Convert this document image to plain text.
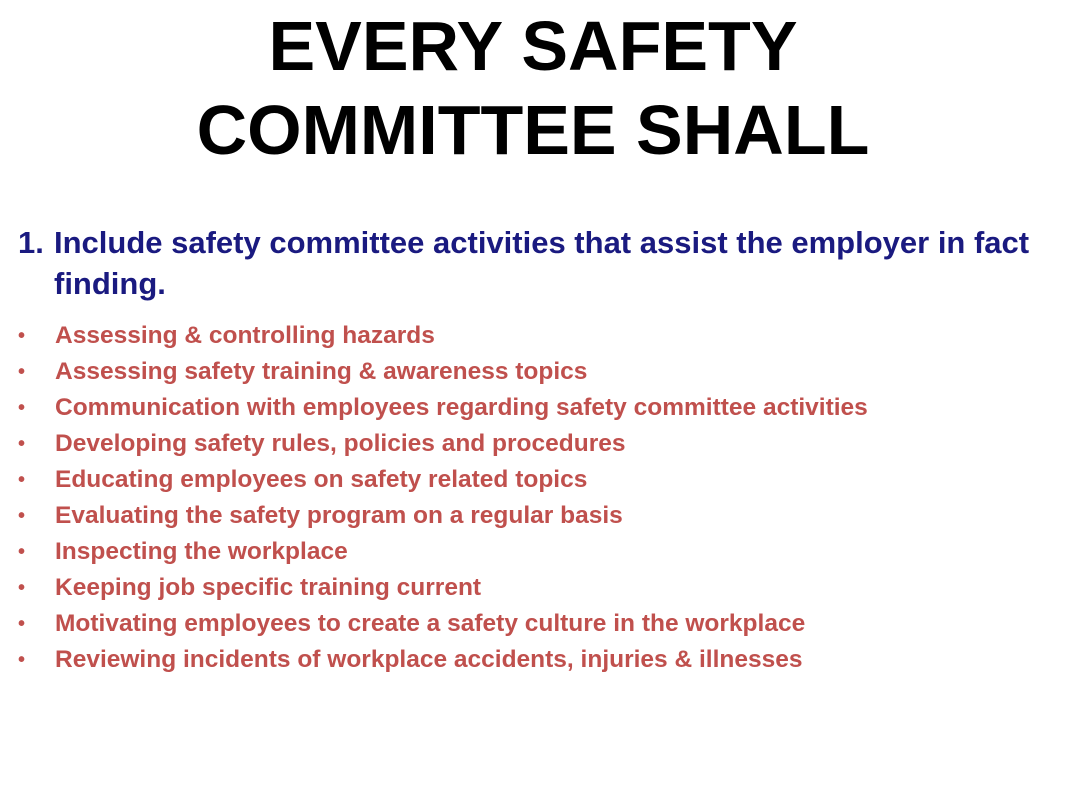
EVERY SAFETY
COMMITTEE SHALL
1. Include safety committee activities that assist the employer in fact finding.
•	Assessing & controlling hazards
•	Assessing safety training & awareness topics
•	Communication with employees regarding safety committee activities
•	Developing safety rules, policies and procedures
•	Educating employees on safety related topics
•	Evaluating the safety program on a regular basis
•	Inspecting the workplace
•	Keeping job specific training current
•	Motivating employees to create a safety culture in the workplace
•	Reviewing incidents of workplace accidents, injuries & illnesses
